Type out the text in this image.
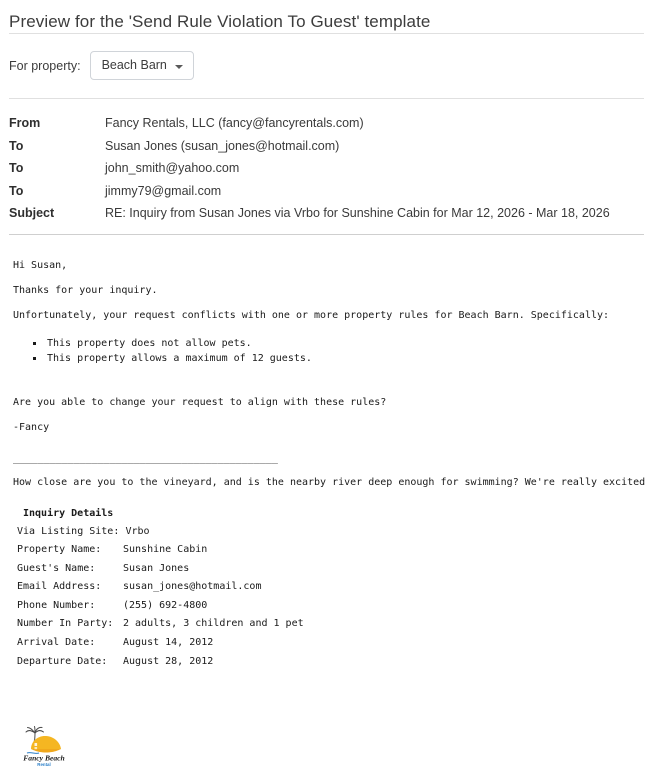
Preview for the 'Send Rule Violation To Guest' template
For property: Beach Barn
From	Fancy Rentals, LLC (fancy@fancyrentals.com)
To	Susan Jones (susan_jones@hotmail.com)
To	john_smith@yahoo.com
To	jimmy79@gmail.com
Subject	RE: Inquiry from Susan Jones via Vrbo for Sunshine Cabin for Mar 12, 2026 - Mar 18, 2026
Hi Susan,
Thanks for your inquiry.
Unfortunately, your request conflicts with one or more property rules for Beach Barn. Specifically:
This property does not allow pets.
This property allows a maximum of 12 guests.
Are you able to change your request to align with these rules?
-Fancy
____________________________________________
How close are you to the vineyard, and is the nearby river deep enough for swimming? We're really excited
Inquiry Details
Via Listing Site: Vrbo
Property Name:	Sunshine Cabin
Guest's Name:	Susan Jones
Email Address:	susan_jones@hotmail.com
Phone Number:	(255) 692-4800
Number In Party: 2 adults, 3 children and 1 pet
Arrival Date:	August 14, 2012
Departure Date:	August 28, 2012
Fancy Beach
Rental
